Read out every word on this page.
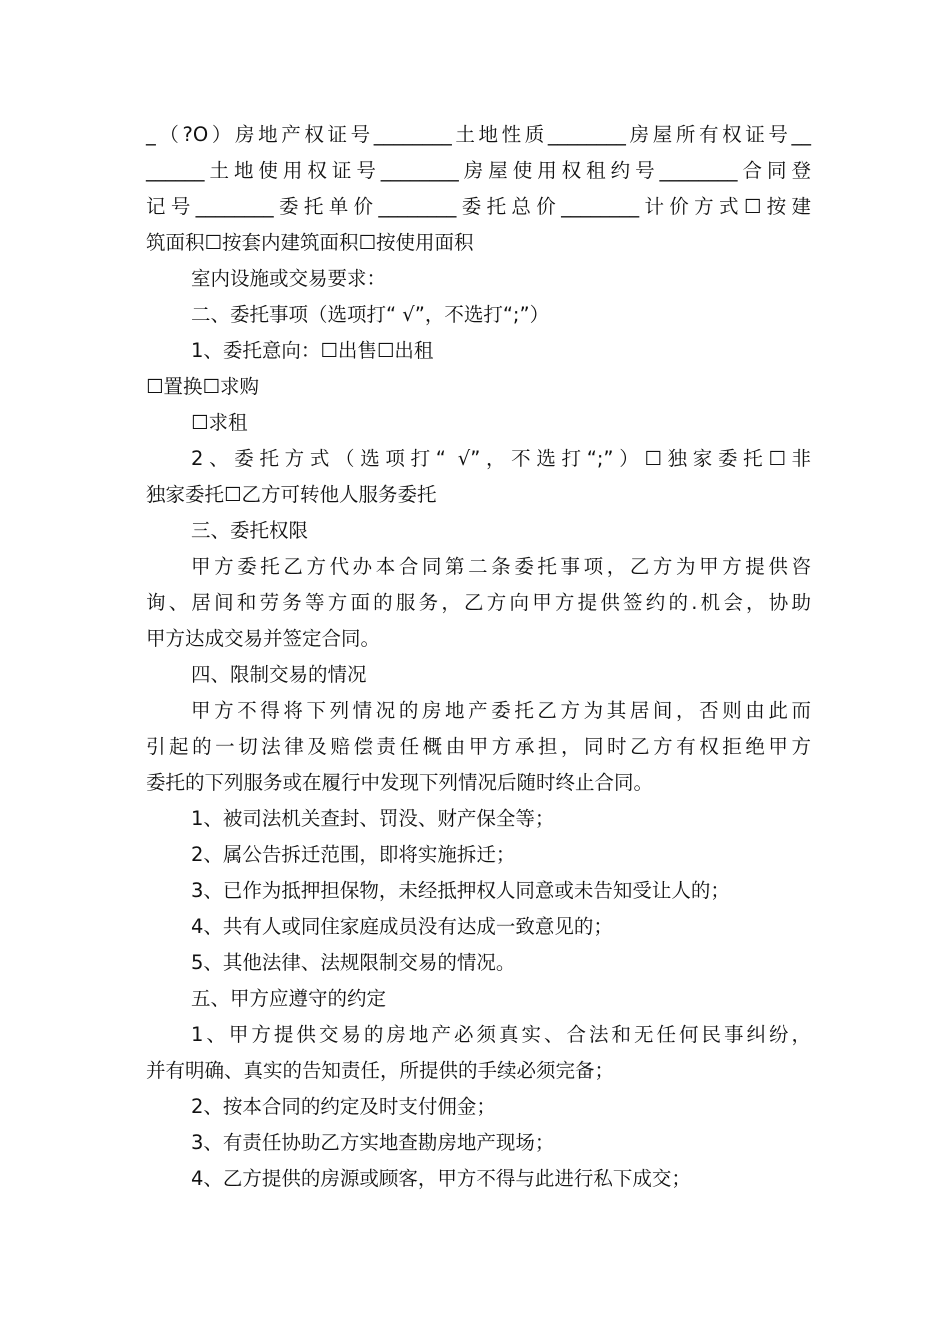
_（?O）房地产权证号________土地性质________房屋所有权证号__
______土地使用权证号________房屋使用权租约号________合同登
记号________委托单价________委托总价________计价方式☐按建
筑面积☐按套内建筑面积☐按使用面积

室内设施或交易要求：

二、委托事项（选项打“ √”，不选打“;”）

1、委托意向：☐出售☐出租

☐置换☐求购

☐求租

2、委托方式（选项打“ √”，不选打“;”）☐独家委托☐非
独家委托☐乙方可转他人服务委托

三、委托权限

甲方委托乙方代办本合同第二条委托事项，乙方为甲方提供咨
询、居间和劳务等方面的服务，乙方向甲方提供签约的.机会，协助
甲方达成交易并签定合同。

四、限制交易的情况

甲方不得将下列情况的房地产委托乙方为其居间，否则由此而
引起的一切法律及赔偿责任概由甲方承担，同时乙方有权拒绝甲方
委托的下列服务或在履行中发现下列情况后随时终止合同。

1、被司法机关查封、罚没、财产保全等；

2、属公告拆迁范围，即将实施拆迁；

3、已作为抵押担保物，未经抵押权人同意或未告知受让人的；

4、共有人或同住家庭成员没有达成一致意见的；

5、其他法律、法规限制交易的情况。

五、甲方应遵守的约定

1、甲方提供交易的房地产必须真实、合法和无任何民事纠纷，
并有明确、真实的告知责任，所提供的手续必须完备；

2、按本合同的约定及时支付佣金；

3、有责任协助乙方实地查勘房地产现场；

4、乙方提供的房源或顾客，甲方不得与此进行私下成交；
